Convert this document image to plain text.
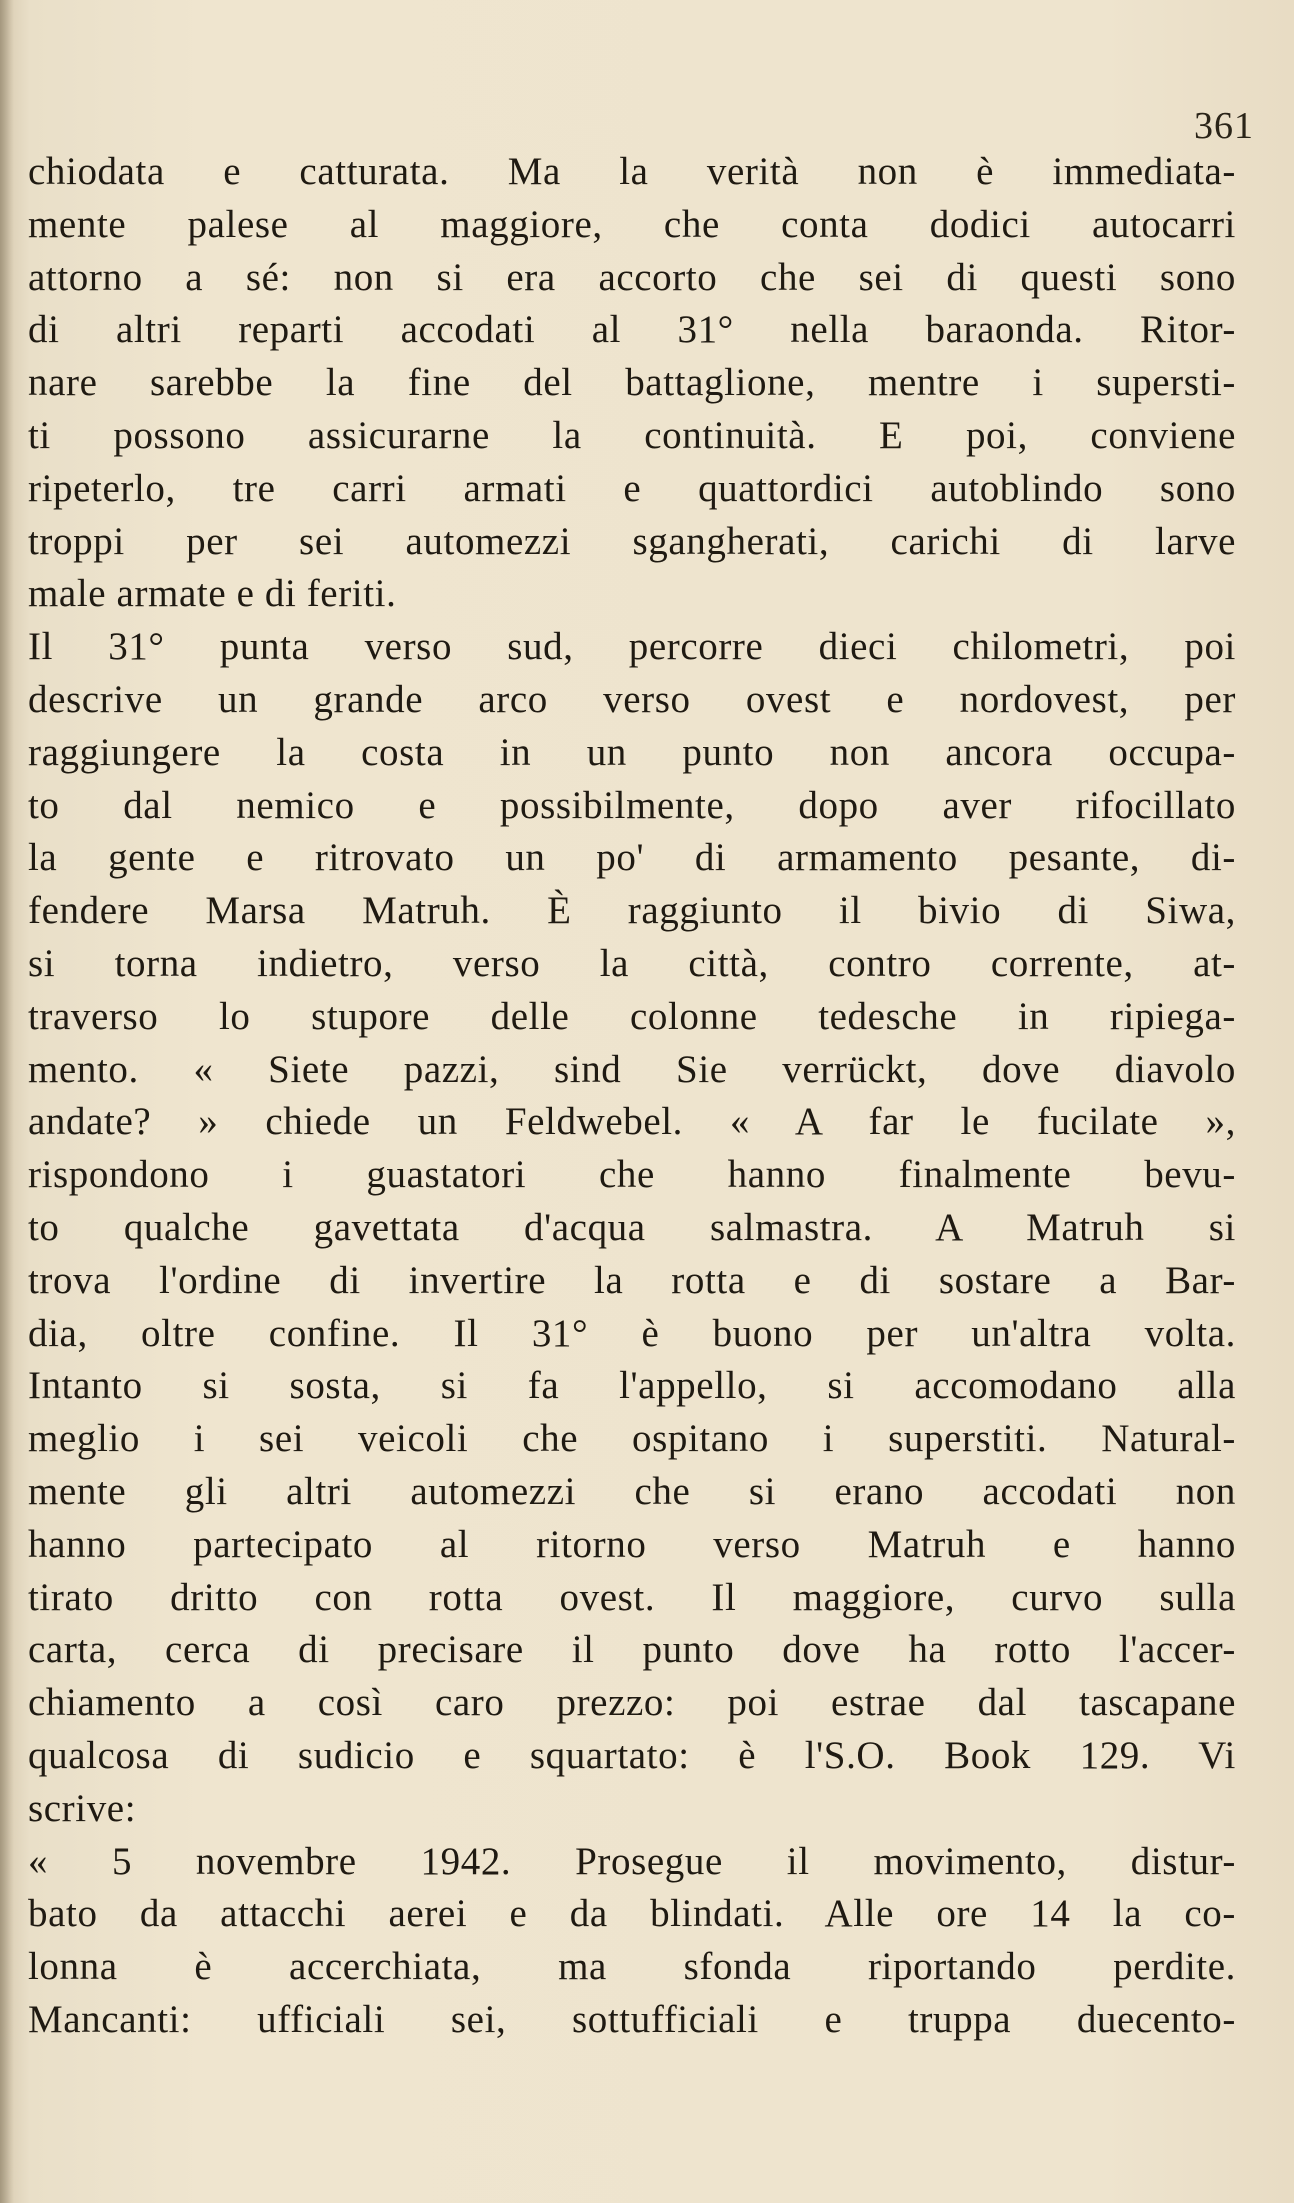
361
chiodata e catturata. Ma la verità non è immediata-
mente palese al maggiore, che conta dodici autocarri
attorno a sé: non si era accorto che sei di questi sono
di altri reparti accodati al 31° nella baraonda. Ritor-
nare sarebbe la fine del battaglione, mentre i supersti-
ti possono assicurarne la continuità. E poi, conviene
ripeterlo, tre carri armati e quattordici autoblindo sono
troppi per sei automezzi sgangherati, carichi di larve
male armate e di feriti.
Il 31° punta verso sud, percorre dieci chilometri, poi
descrive un grande arco verso ovest e nordovest, per
raggiungere la costa in un punto non ancora occupa-
to dal nemico e possibilmente, dopo aver rifocillato
la gente e ritrovato un po' di armamento pesante, di-
fendere Marsa Matruh. È raggiunto il bivio di Siwa,
si torna indietro, verso la città, contro corrente, at-
traverso lo stupore delle colonne tedesche in ripiega-
mento. « Siete pazzi, sind Sie verrückt, dove diavolo
andate? » chiede un Feldwebel. « A far le fucilate »,
rispondono i guastatori che hanno finalmente bevu-
to qualche gavettata d'acqua salmastra. A Matruh si
trova l'ordine di invertire la rotta e di sostare a Bar-
dia, oltre confine. Il 31° è buono per un'altra volta.
Intanto si sosta, si fa l'appello, si accomodano alla
meglio i sei veicoli che ospitano i superstiti. Natural-
mente gli altri automezzi che si erano accodati non
hanno partecipato al ritorno verso Matruh e hanno
tirato dritto con rotta ovest. Il maggiore, curvo sulla
carta, cerca di precisare il punto dove ha rotto l'accer-
chiamento a così caro prezzo: poi estrae dal tascapane
qualcosa di sudicio e squartato: è l'S.O. Book 129. Vi
scrive:
« 5 novembre 1942. Prosegue il movimento, distur-
bato da attacchi aerei e da blindati. Alle ore 14 la co-
lonna è accerchiata, ma sfonda riportando perdite.
Mancanti: ufficiali sei, sottufficiali e truppa duecento-
